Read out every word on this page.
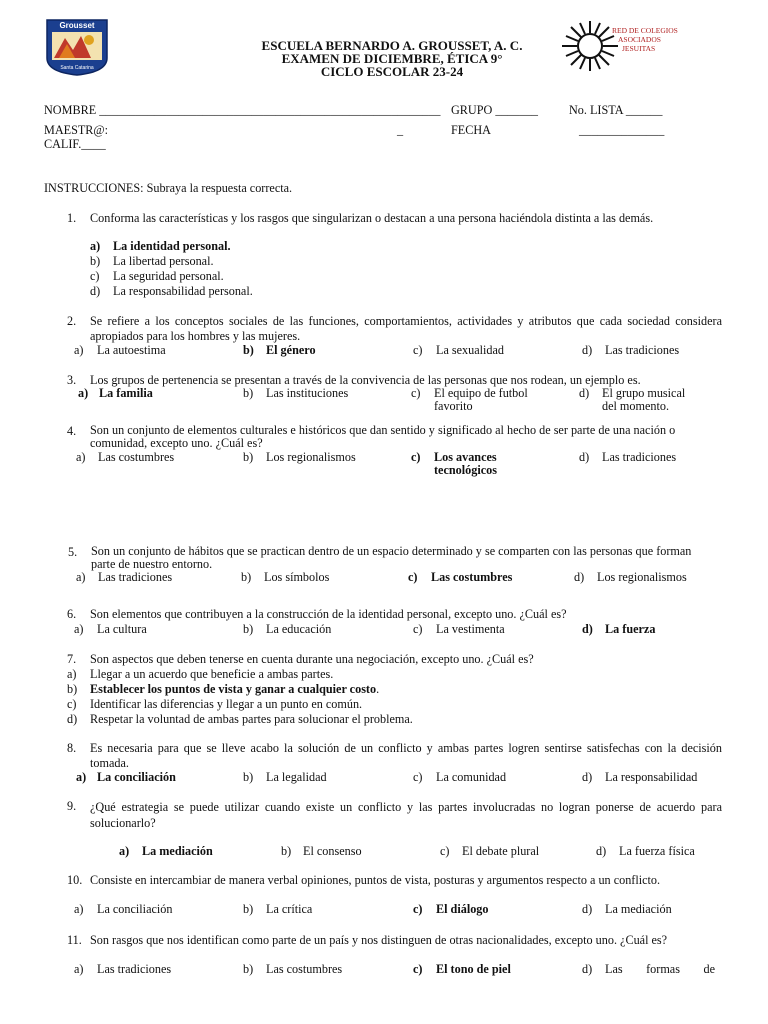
Grousset
Santa Catarina
RED DE COLEGIOS
ASOCIADOS
JESUITAS
ESCUELA BERNARDO A. GROUSSET, A. C.
EXAMEN DE DICIEMBRE, ÉTICA 9°
CICLO ESCOLAR 23-24
NOMBRE ________________________________________________________ GRUPO _______	No. LISTA ______
MAESTR@:	_	FECHA	______________
CALIF.____
INSTRUCCIONES: Subraya la respuesta correcta.
1. Conforma las características y los rasgos que singularizan o destacan a una persona haciéndola distinta a las demás.
a) La identidad personal.
b) La libertad personal.
c) La seguridad personal.
d) La responsabilidad personal.
2. Se refiere a los conceptos sociales de las funciones, comportamientos, actividades y atributos que cada sociedad considera apropiados para los hombres y las mujeres.
a) La autoestima	b) El género	c) La sexualidad	d) Las tradiciones
3. Los grupos de pertenencia se presentan a través de la convivencia de las personas que nos rodean, un ejemplo es.
a) La familia	b) Las instituciones	c) El equipo de futbol
favorito
d) El grupo musical
del momento.
4. Son un conjunto de elementos culturales e históricos que dan sentido y significado al hecho de ser parte de una nación o comunidad, excepto uno. ¿Cuál es?
a) Las costumbres	b) Los regionalismos	c) Los avances
tecnológicos
d) Las tradiciones
5. Son un conjunto de hábitos que se practican dentro de un espacio determinado y se comparten con las personas que forman parte de nuestro entorno.
a) Las tradiciones	b) Los símbolos	c) Las costumbres	d) Los regionalismos
6. Son elementos que contribuyen a la construcción de la identidad personal, excepto uno. ¿Cuál es?
a) La cultura	b) La educación	c) La vestimenta	d) La fuerza
7. Son aspectos que deben tenerse en cuenta durante una negociación, excepto uno. ¿Cuál es?
a) Llegar a un acuerdo que beneficie a ambas partes.
b) Establecer los puntos de vista y ganar a cualquier costo.
c) Identificar las diferencias y llegar a un punto en común.
d) Respetar la voluntad de ambas partes para solucionar el problema.
8. Es necesaria para que se lleve acabo la solución de un conflicto y ambas partes logren sentirse satisfechas con la decisión tomada.
a) La conciliación	b) La legalidad	c) La comunidad	d) La responsabilidad
9. ¿Qué estrategia se puede utilizar cuando existe un conflicto y las partes involucradas no logran ponerse de acuerdo para solucionarlo?
a) La mediación	b) El consenso	c) El debate plural	d) La fuerza física
10. Consiste en intercambiar de manera verbal opiniones, puntos de vista, posturas y argumentos respecto a un conflicto.
a) La conciliación	b) La crítica	c) El diálogo	d) La mediación
11. Son rasgos que nos identifican como parte de un país y nos distinguen de otras nacionalidades, excepto uno. ¿Cuál es?
a) Las tradiciones	b) Las costumbres	c) El tono de piel	d) Las formas de
